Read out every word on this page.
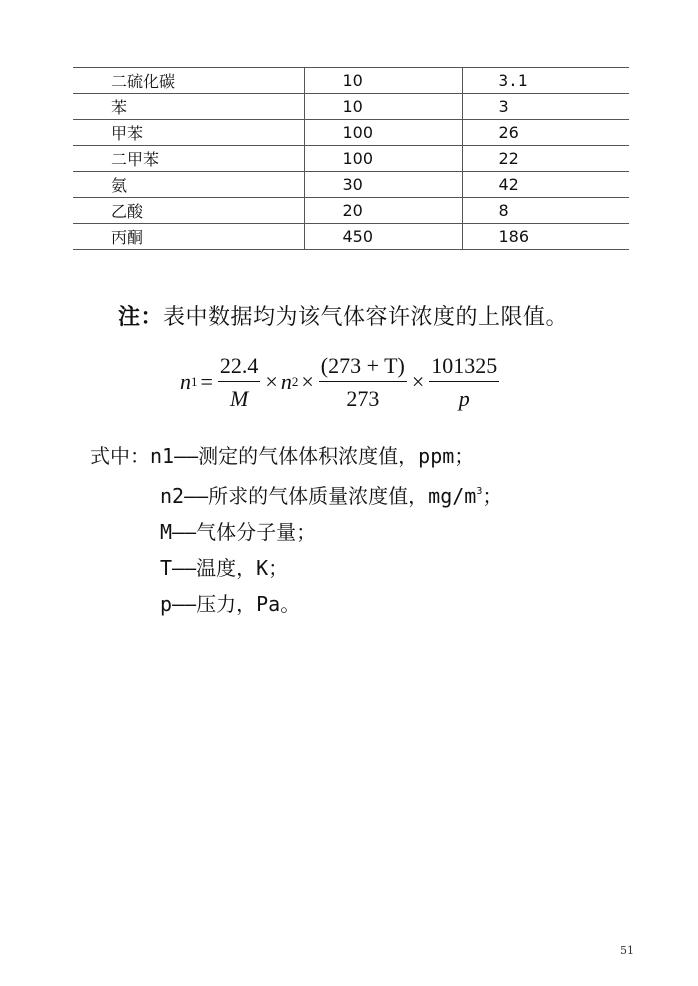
二硫化碳	10	3.1
苯	10	3
甲苯	100	26
二甲苯	100	22
氨	30	42
乙酸	20	8
丙酮	450	186
注：表中数据均为该气体容许浓度的上限值。
n $1 = \frac{22.4}{M} \times n$ $2 \times \frac{(273 + T)}{273} \times \frac{101325}{p}$
式中：n1——测定的气体体积浓度值，ppm；
n2——所求的气体质量浓度值，$mg/m^3$；
M——气体分子量；
T——温度，K；
p——压力，Pa。
51
